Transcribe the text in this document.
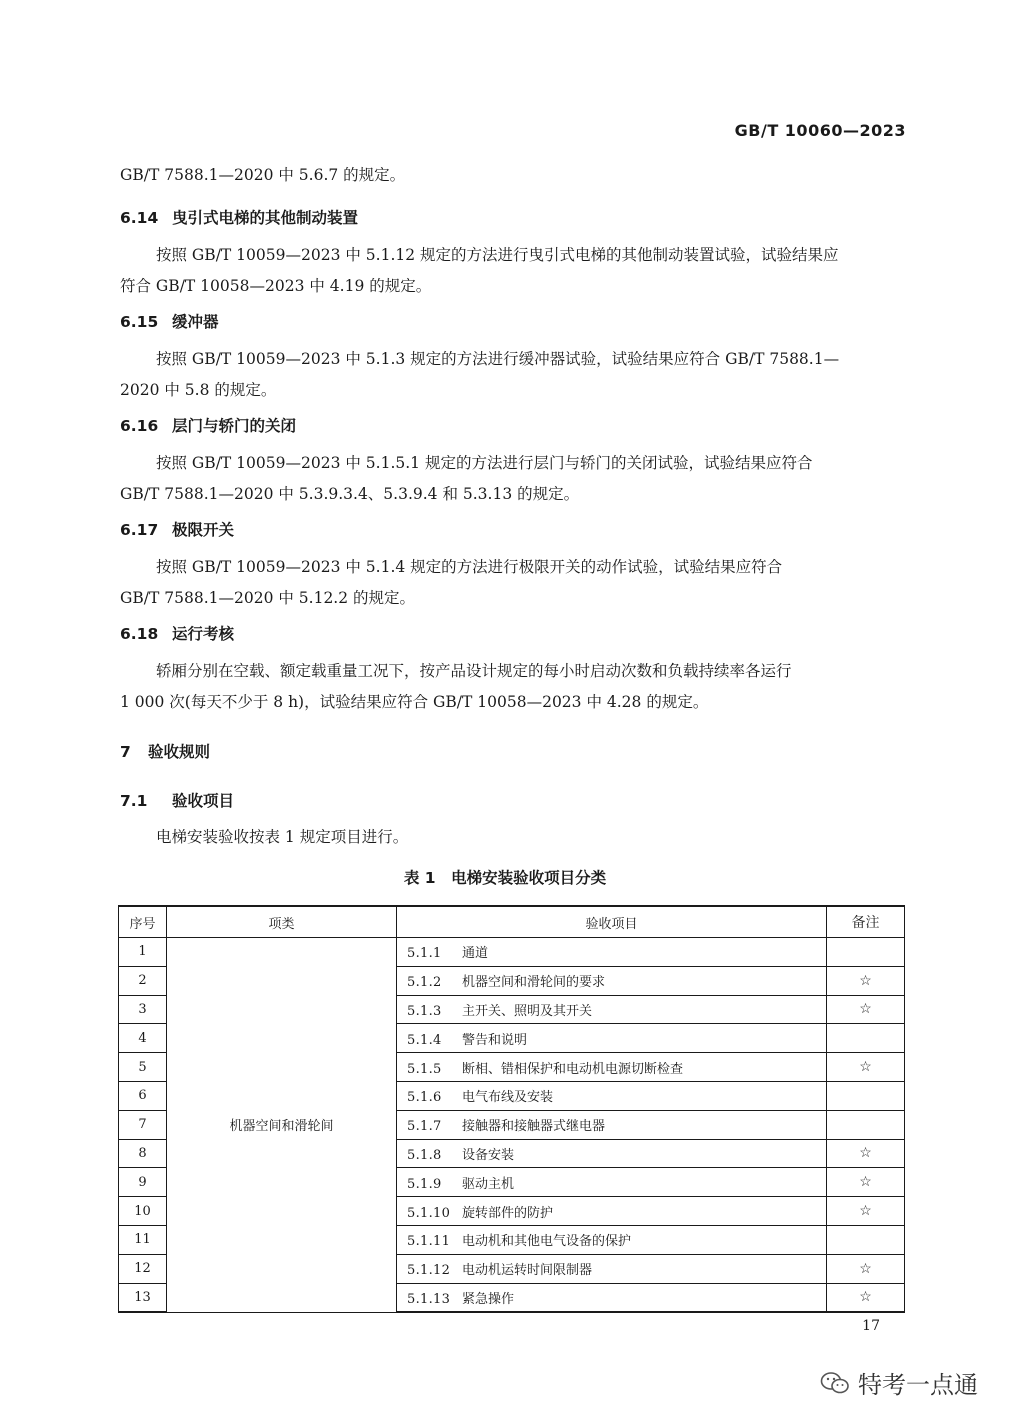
GB/T 10060—2023
GB/T 7588.1—2020 中 5.6.7 的规定。
6.14 曳引式电梯的其他制动装置
按照 GB/T 10059—2023 中 5.1.12 规定的方法进行曳引式电梯的其他制动装置试验，试验结果应
符合 GB/T 10058—2023 中 4.19 的规定。
6.15 缓冲器
按照 GB/T 10059—2023 中 5.1.3 规定的方法进行缓冲器试验，试验结果应符合 GB/T 7588.1—
2020 中 5.8 的规定。
6.16 层门与轿门的关闭
按照 GB/T 10059—2023 中 5.1.5.1 规定的方法进行层门与轿门的关闭试验，试验结果应符合
GB/T 7588.1—2020 中 5.3.9.3.4、5.3.9.4 和 5.3.13 的规定。
6.17 极限开关
按照 GB/T 10059—2023 中 5.1.4 规定的方法进行极限开关的动作试验，试验结果应符合
GB/T 7588.1—2020 中 5.12.2 的规定。
6.18 运行考核
轿厢分别在空载、额定载重量工况下，按产品设计规定的每小时启动次数和负载持续率各运行
1 000 次(每天不少于 8 h)，试验结果应符合 GB/T 10058—2023 中 4.28 的规定。
7 验收规则
7.1 验收项目
电梯安装验收按表 1 规定项目进行。
表 1　电梯安装验收项目分类
序号	项类	验收项目	备注
1	机器空间和滑轮间	5.1.1 通道	
2		5.1.2 机器空间和滑轮间的要求	☆
3		5.1.3 主开关、照明及其开关	☆
4		5.1.4 警告和说明	
5		5.1.5 断相、错相保护和电动机电源切断检查	☆
6		5.1.6 电气布线及安装	
7		5.1.7 接触器和接触器式继电器	
8		5.1.8 设备安装	☆
9		5.1.9 驱动主机	☆
10		5.1.10 旋转部件的防护	☆
11		5.1.11 电动机和其他电气设备的保护	
12		5.1.12 电动机运转时间限制器	☆
13		5.1.13 紧急操作	☆
17
特考一点通
